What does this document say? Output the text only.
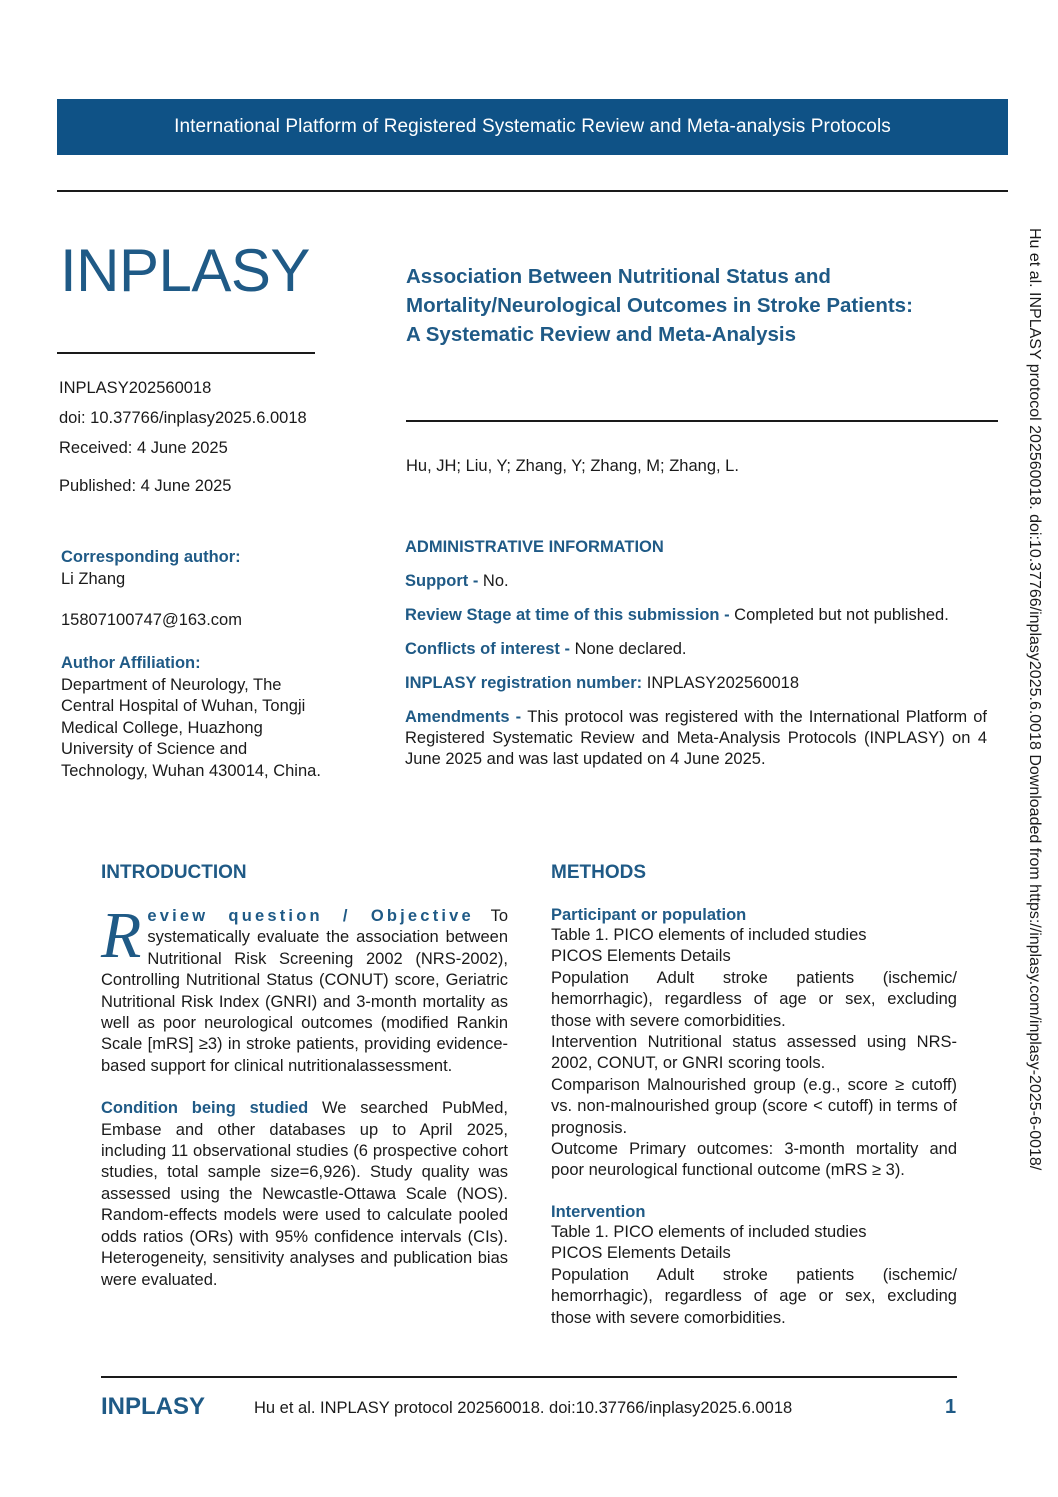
International Platform of Registered Systematic Review and Meta-analysis Protocols
INPLASY
INPLASY202560018
doi: 10.37766/inplasy2025.6.0018
Received: 4 June 2025
Published: 4 June 2025
Association Between Nutritional Status and
Mortality/Neurological Outcomes in Stroke Patients:
A Systematic Review and Meta-Analysis
Hu, JH; Liu, Y; Zhang, Y; Zhang, M; Zhang, L.
Corresponding author:
Li Zhang
15807100747@163.com
Author Affiliation:
Department of Neurology, The
Central Hospital of Wuhan, Tongji
Medical College, Huazhong
University of Science and
Technology, Wuhan 430014, China.

ADMINISTRATIVE INFORMATION

Support - No.

Review Stage at time of this submission - Completed but not published.

Conflicts of interest - None declared.

INPLASY registration number: INPLASY202560018

Amendments - This protocol was registered with the International Platform of Registered Systematic Review and Meta-Analysis Protocols (INPLASY) on 4 June 2025 and was last updated on 4 June 2025.

INTRODUCTION
Review question / Objective To systematically evaluate the association between Nutritional Risk Screening 2002 (NRS-2002), Controlling Nutritional Status (CONUT) score, Geriatric Nutritional Risk Index (GNRI) and 3-month mortality as well as poor neurological outcomes (modified Rankin Scale [mRS] ≥3) in stroke patients, providing evidence-based support for clinical nutritionalassessment.
Condition being studied We searched PubMed, Embase and other databases up to April 2025, including 11 observational studies (6 prospective cohort studies, total sample size=6,926). Study quality was assessed using the Newcastle-Ottawa Scale (NOS). Random-effects models were used to calculate pooled odds ratios (ORs) with 95% confidence intervals (CIs). Heterogeneity, sensitivity analyses and publication bias were evaluated.
METHODS
Participant or population
Table 1. PICO elements of included studies
PICOS Elements Details
Population Adult stroke patients (ischemic/ hemorrhagic), regardless of age or sex, excluding those with severe comorbidities.
Intervention Nutritional status assessed using NRS-2002, CONUT, or GNRI scoring tools.
Comparison Malnourished group (e.g., score ≥ cutoff) vs. non-malnourished group (score < cutoff) in terms of prognosis.
Outcome Primary outcomes: 3-month mortality and poor neurological functional outcome (mRS ≥ 3).
Intervention
Table 1. PICO elements of included studies
PICOS Elements Details
Population Adult stroke patients (ischemic/ hemorrhagic), regardless of age or sex, excluding those with severe comorbidities.
Hu et al. INPLASY protocol 202560018. doi:10.37766/inplasy2025.6.0018 Downloaded from https://inplasy.com/inplasy-2025-6-0018/
INPLASY	Hu et al. INPLASY protocol 202560018. doi:10.37766/inplasy2025.6.0018	1
